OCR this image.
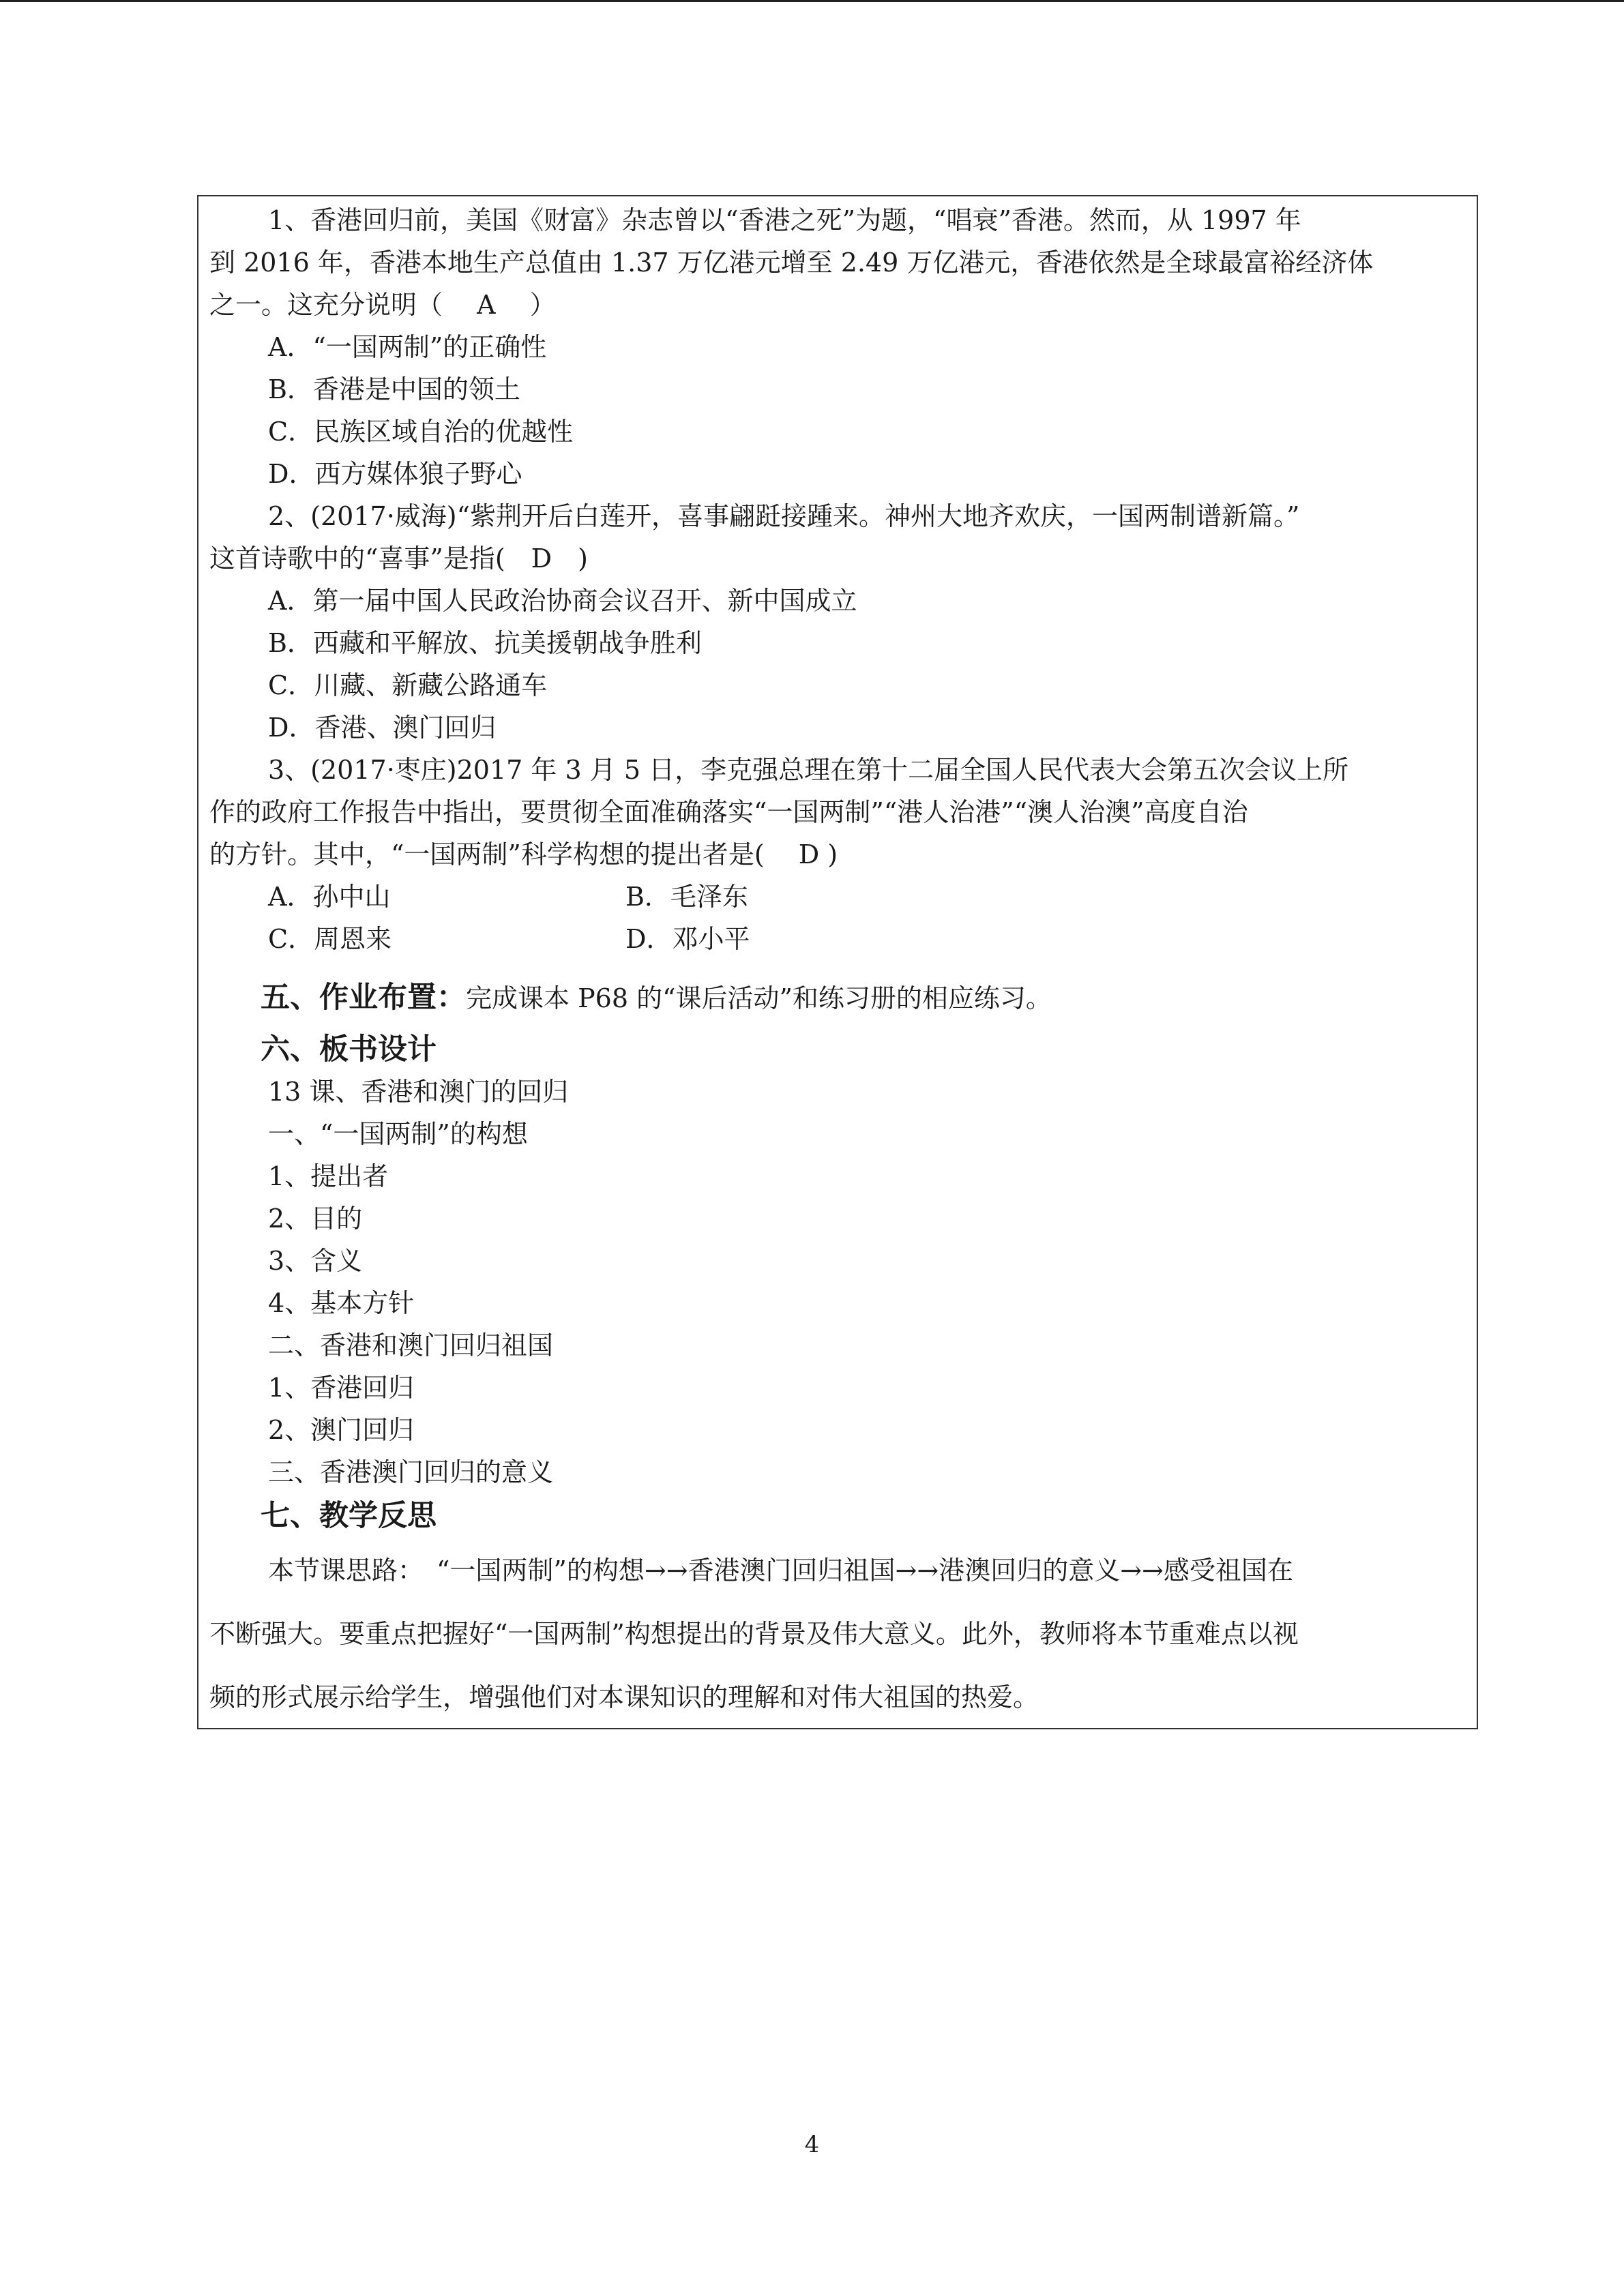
1、香港回归前，美国《财富》杂志曾以“香港之死”为题，“唱衰”香港。然而，从 1997 年
到 2016 年，香港本地生产总值由 1.37 万亿港元增至 2.49 万亿港元，香港依然是全球最富裕经济体
之一。这充分说明（　 A　 ）
A．“一国两制”的正确性
B．香港是中国的领土
C．民族区域自治的优越性
D．西方媒体狼子野心
2、(2017·威海)“紫荆开后白莲开，喜事翩跹接踵来。神州大地齐欢庆，一国两制谱新篇。”
这首诗歌中的“喜事”是指(　D　)
A．第一届中国人民政治协商会议召开、新中国成立
B．西藏和平解放、抗美援朝战争胜利
C．川藏、新藏公路通车
D．香港、澳门回归
3、(2017·枣庄)2017 年 3 月 5 日，李克强总理在第十二届全国人民代表大会第五次会议上所
作的政府工作报告中指出，要贯彻全面准确落实“一国两制”“港人治港”“澳人治澳”高度自治
的方针。其中，“一国两制”科学构想的提出者是(　 D )
A．孙中山	B．毛泽东
C．周恩来	D．邓小平
五、作业布置：完成课本 P68 的“课后活动”和练习册的相应练习。
六、板书设计
13 课、香港和澳门的回归
一、“一国两制”的构想
1、提出者
2、目的
3、含义
4、基本方针
二、香港和澳门回归祖国
1、香港回归
2、澳门回归
三、香港澳门回归的意义
七、教学反思
本节课思路：　“一国两制”的构想→→香港澳门回归祖国→→港澳回归的意义→→感受祖国在
不断强大。要重点把握好“一国两制”构想提出的背景及伟大意义。此外，教师将本节重难点以视
频的形式展示给学生，增强他们对本课知识的理解和对伟大祖国的热爱。
4
